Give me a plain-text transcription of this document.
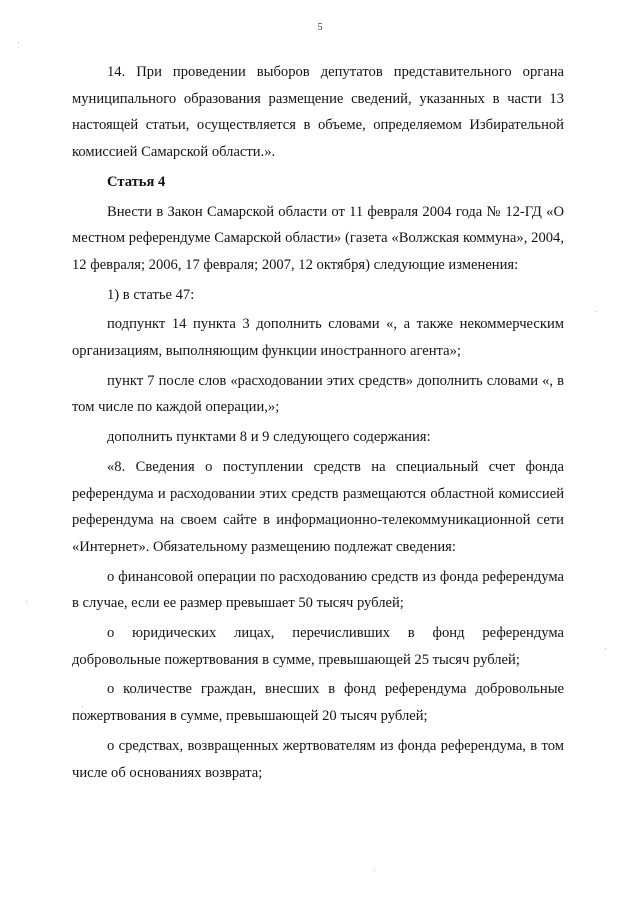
5

14. При проведении выборов депутатов представительного органа муниципального образования размещение сведений, указанных в части 13 настоящей статьи, осуществляется в объеме, определяемом Избирательной комиссией Самарской области.».

Статья 4

Внести в Закон Самарской области от 11 февраля 2004 года № 12-ГД «О местном референдуме Самарской области» (газета «Волжская коммуна», 2004, 12 февраля; 2006, 17 февраля; 2007, 12 октября) следующие изменения:

1) в статье 47:

подпункт 14 пункта 3 дополнить словами «, а также некоммерческим организациям, выполняющим функции иностранного агента»;

пункт 7 после слов «расходовании этих средств» дополнить словами «, в том числе по каждой операции,»;

дополнить пунктами 8 и 9 следующего содержания:

«8. Сведения о поступлении средств на специальный счет фонда референдума и расходовании этих средств размещаются областной комиссией референдума на своем сайте в информационно-телекоммуникационной сети «Интернет». Обязательному размещению подлежат сведения:

о финансовой операции по расходованию средств из фонда референдума в случае, если ее размер превышает 50 тысяч рублей;

о юридических лицах, перечисливших в фонд референдума добровольные пожертвования в сумме, превышающей 25 тысяч рублей;

о количестве граждан, внесших в фонд референдума добровольные пожертвования в сумме, превышающей 20 тысяч рублей;

о средствах, возвращенных жертвователям из фонда референдума, в том числе об основаниях возврата;
